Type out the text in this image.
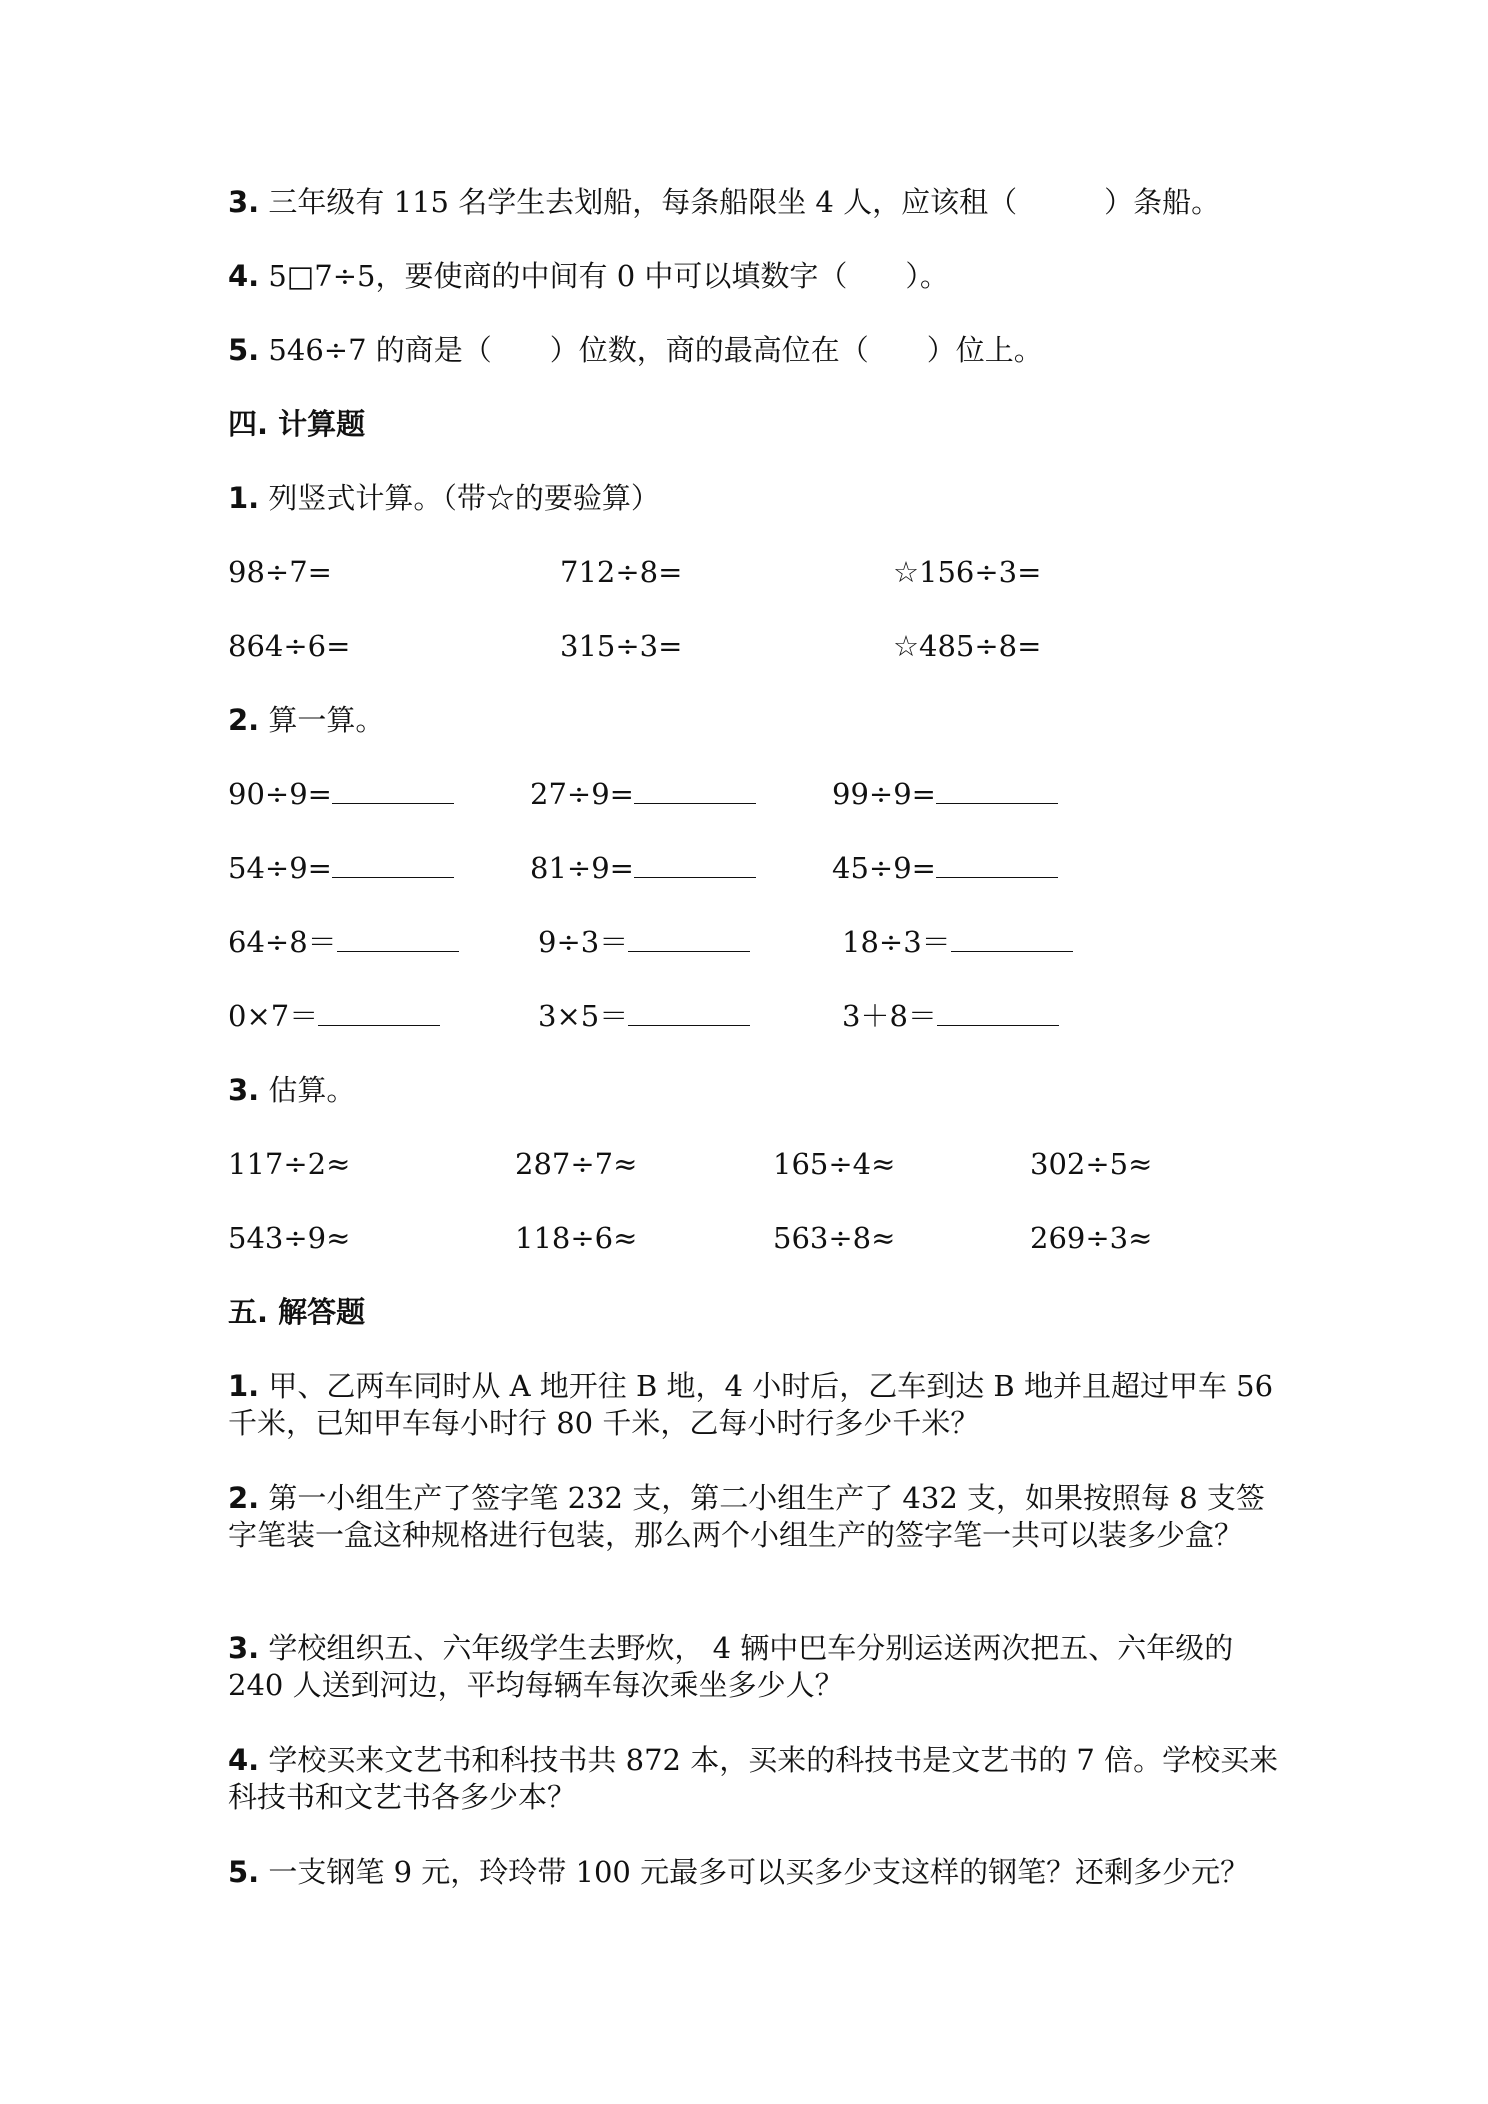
3. 三年级有 115 名学生去划船，每条船限坐 4 人，应该租（　　　）条船。
4. 5□7÷5，要使商的中间有 0 中可以填数字（　　）。
5. 546÷7 的商是（　　）位数，商的最高位在（　　）位上。
四. 计算题
1. 列竖式计算。（带☆的要验算）
98÷7=	712÷8=	☆156÷3=
864÷6=	315÷3=	☆485÷8=
2. 算一算。
90÷9=	27÷9=	99÷9=
54÷9=	81÷9=	45÷9=
64÷8＝	9÷3＝	18÷3＝
0×7＝	3×5＝	3＋8＝
3. 估算。
117÷2≈	287÷7≈	165÷4≈	302÷5≈
543÷9≈	118÷6≈	563÷8≈	269÷3≈
五. 解答题
1. 甲、乙两车同时从 A 地开往 B 地，4 小时后，乙车到达 B 地并且超过甲车 56 千米，已知甲车每小时行 80 千米，乙每小时行多少千米？
2. 第一小组生产了签字笔 232 支，第二小组生产了 432 支，如果按照每 8 支签字笔装一盒这种规格进行包装，那么两个小组生产的签字笔一共可以装多少盒？
3. 学校组织五、六年级学生去野炊， 4 辆中巴车分别运送两次把五、六年级的 240 人送到河边，平均每辆车每次乘坐多少人？
4. 学校买来文艺书和科技书共 872 本，买来的科技书是文艺书的 7 倍。学校买来科技书和文艺书各多少本？
5. 一支钢笔 9 元，玲玲带 100 元最多可以买多少支这样的钢笔？还剩多少元？
